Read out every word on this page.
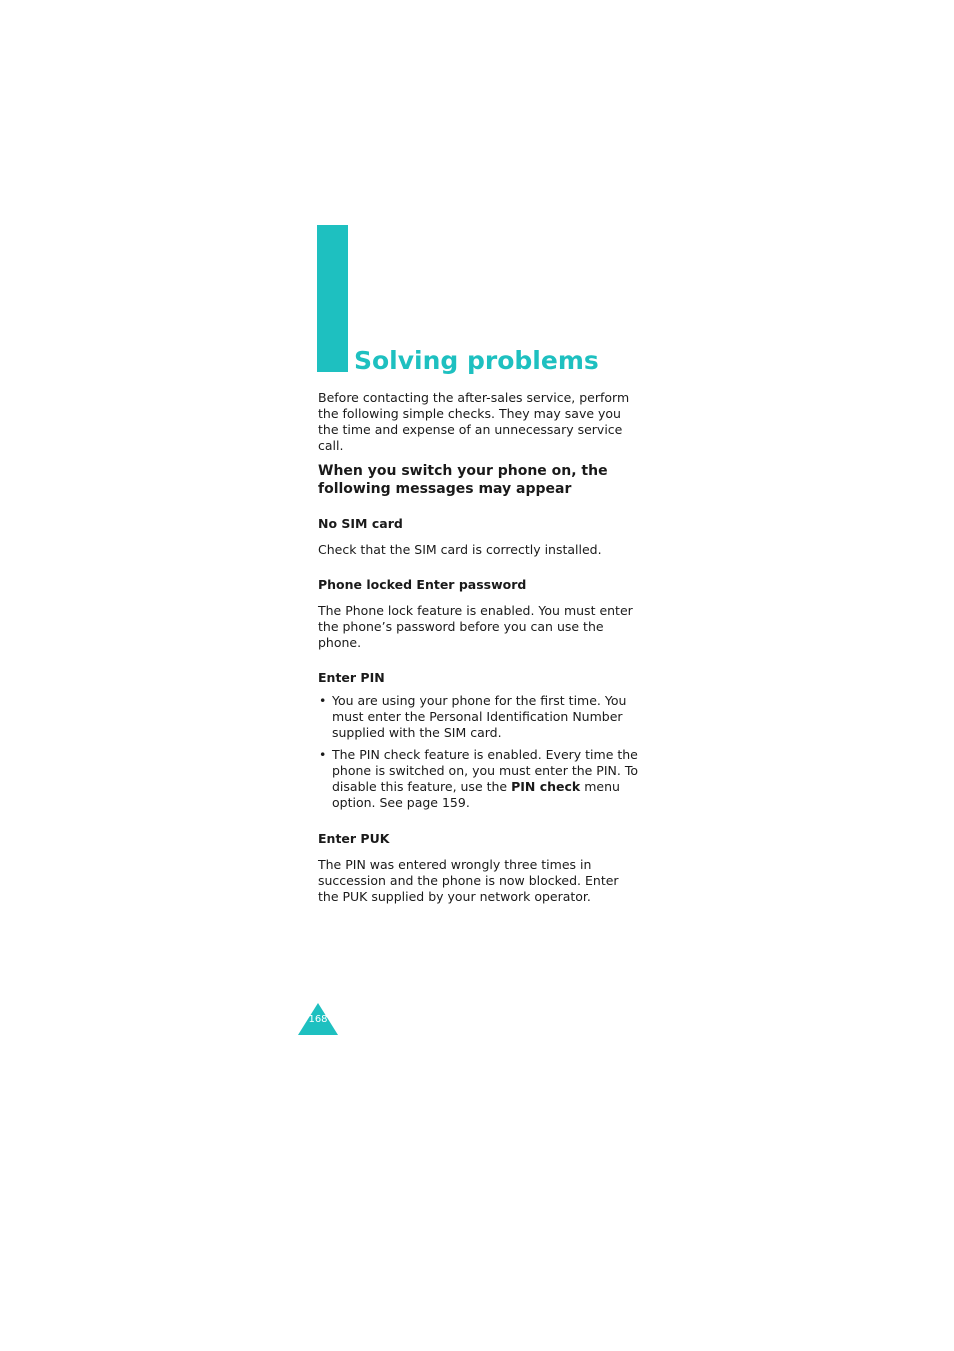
Solving problems

Before contacting the after-sales service, perform the following simple checks. They may save you the time and expense of an unnecessary service call.

When you switch your phone on, the following messages may appear

No SIM card

Check that the SIM card is correctly installed.

Phone locked Enter password

The Phone lock feature is enabled. You must enter the phone’s password before you can use the phone.

Enter PIN

• You are using your phone for the first time. You must enter the Personal Identification Number supplied with the SIM card.
• The PIN check feature is enabled. Every time the phone is switched on, you must enter the PIN. To disable this feature, use the PIN check menu option. See page 159.

Enter PUK

The PIN was entered wrongly three times in succession and the phone is now blocked. Enter the PUK supplied by your network operator.

168
